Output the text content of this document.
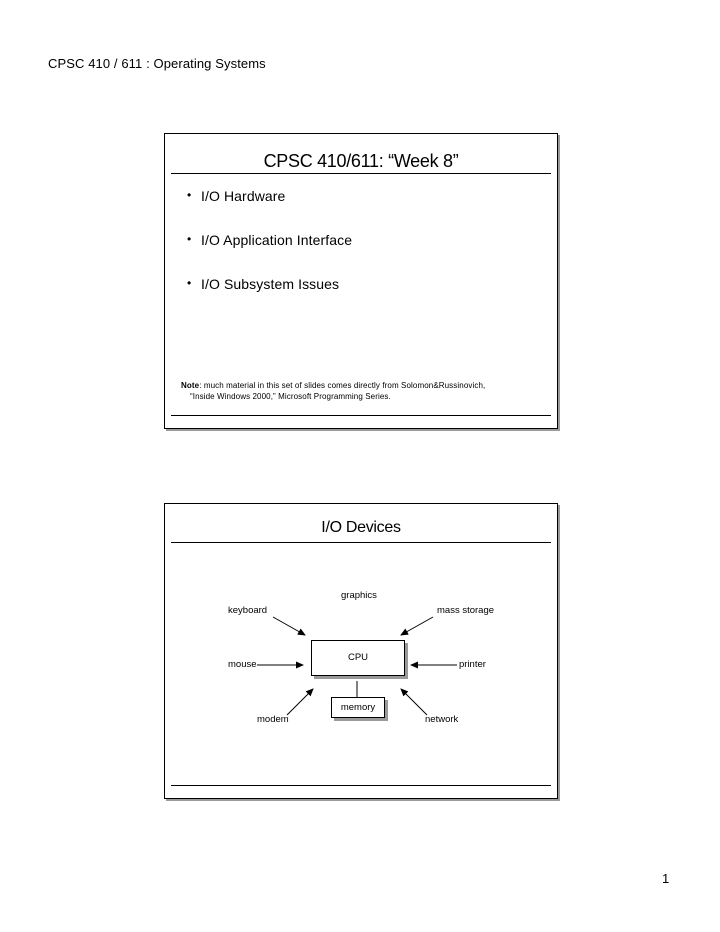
CPSC 410 / 611 : Operating Systems
CPSC 410/611: “Week 8”
• I/O Hardware
• I/O Application Interface
• I/O Subsystem Issues
Note: much material in this set of slides comes directly from Solomon&Russinovich,
“Inside Windows 2000,” Microsoft Programming Series.
I/O Devices
graphics
keyboard	mass storage
mouse	printer
modem	network
CPU
memory
1
